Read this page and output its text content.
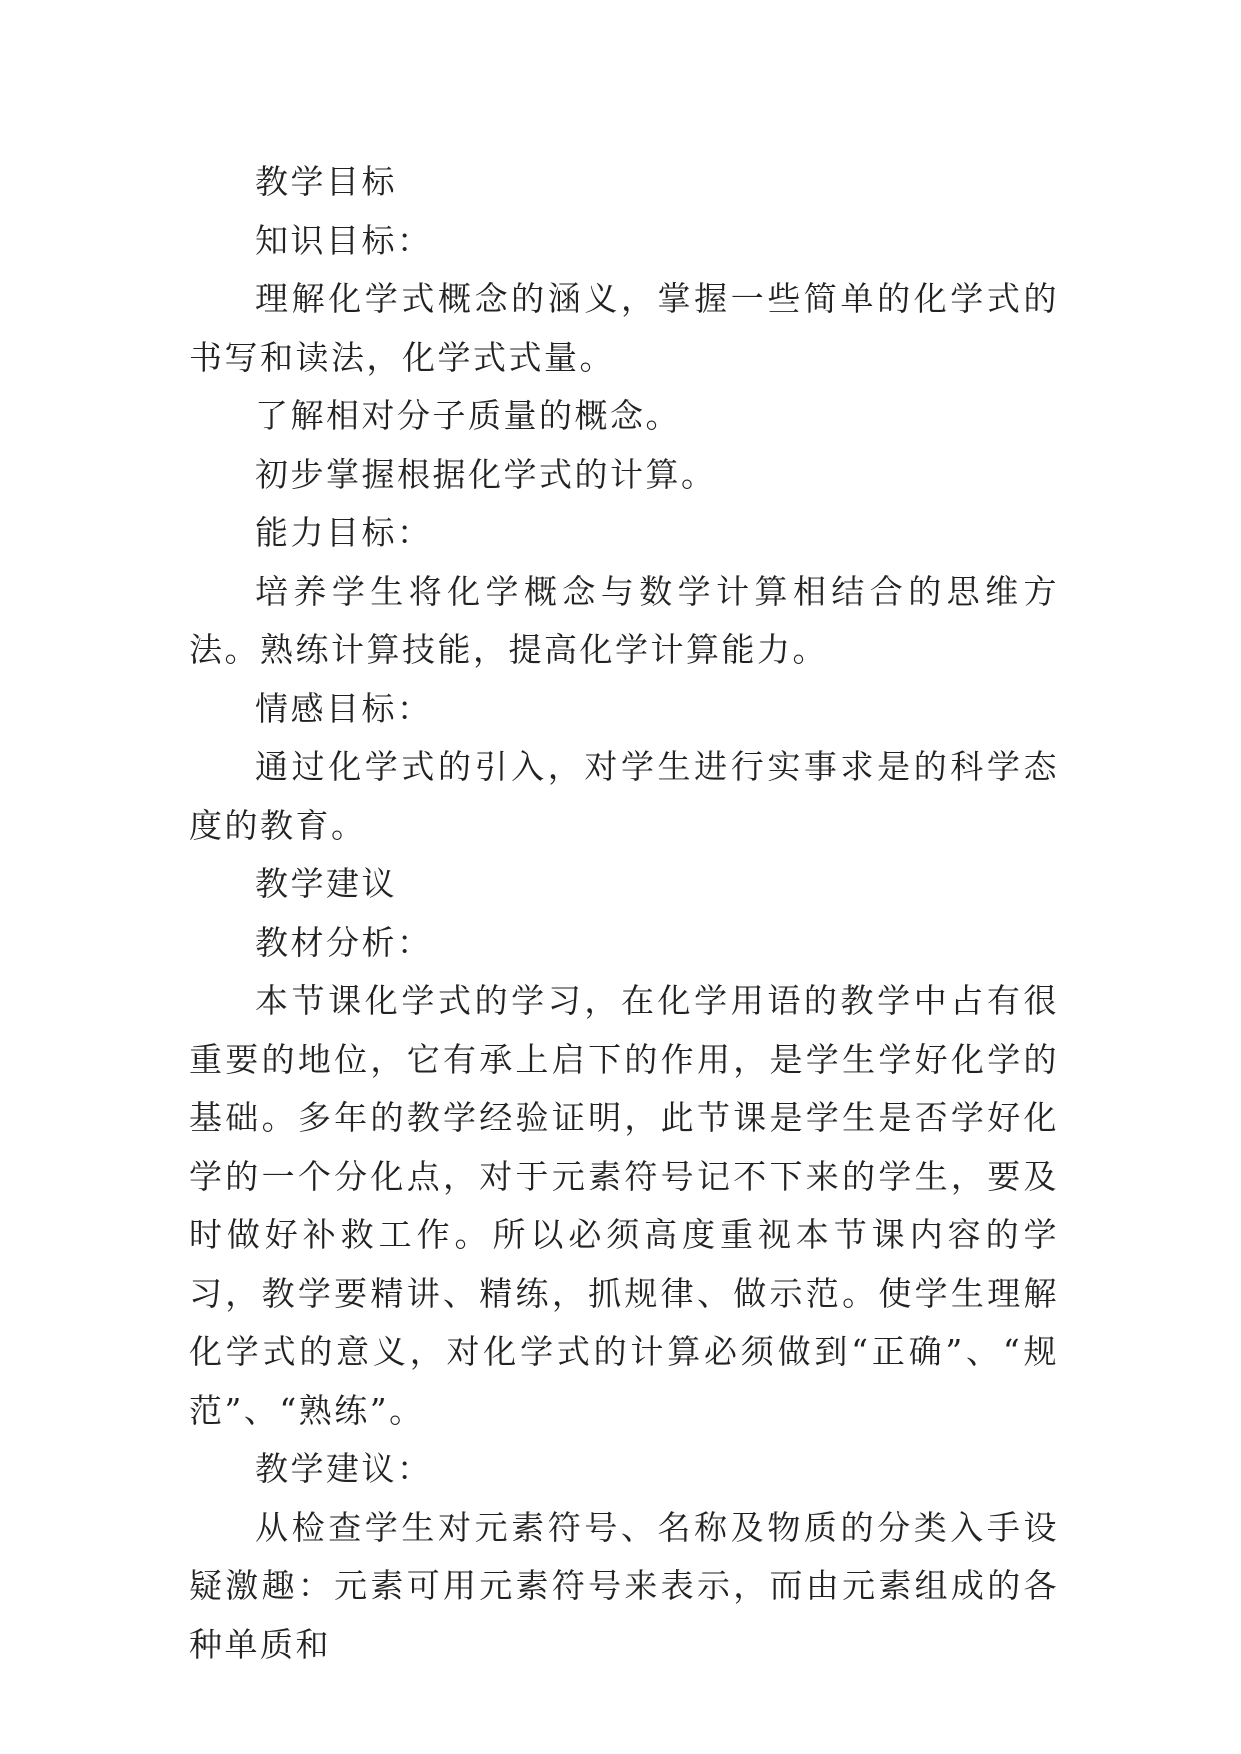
教学目标

知识目标：

理解化学式概念的涵义，掌握一些简单的化学式的书写和读法，化学式式量。

了解相对分子质量的概念。

初步掌握根据化学式的计算。

能力目标：

培养学生将化学概念与数学计算相结合的思维方法。熟练计算技能，提高化学计算能力。

情感目标：

通过化学式的引入，对学生进行实事求是的科学态度的教育。

教学建议

教材分析：

本节课化学式的学习，在化学用语的教学中占有很重要的地位，它有承上启下的作用，是学生学好化学的基础。多年的教学经验证明，此节课是学生是否学好化学的一个分化点，对于元素符号记不下来的学生，要及时做好补救工作。所以必须高度重视本节课内容的学习，教学要精讲、精练，抓规律、做示范。使学生理解化学式的意义，对化学式的计算必须做到“正确”、“规范”、“熟练”。

教学建议：

从检查学生对元素符号、名称及物质的分类入手设疑激趣：元素可用元素符号来表示，而由元素组成的各种单质和
